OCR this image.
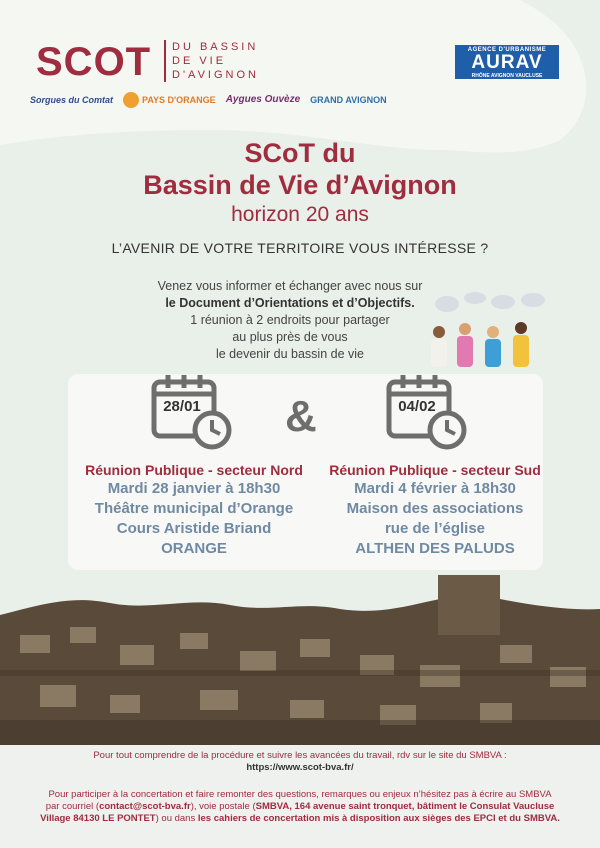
SCOT DU BASSIN
DE VIE
D'AVIGNON
Sorgues du Comtat	PAYS D'ORANGE Aygues Ouvèze GRAND AVIGNON
AGENCE D'URBANISME
AURAV
RHÔNE AVIGNON VAUCLUSE
SCoT du
Bassin de Vie d’Avignon
horizon 20 ans
L’AVENIR DE VOTRE TERRITOIRE VOUS INTÉRESSE ?
Venez vous informer et échanger avec nous sur
le Document d’Orientations et d’Objectifs.
1 réunion à 2 endroits pour partager
au plus près de vous
le devenir du bassin de vie
28/01 &	04/02
Réunion Publique - secteur Nord
Mardi 28 janvier à 18h30
Théâtre municipal d’Orange
Cours Aristide Briand
ORANGE
Réunion Publique - secteur Sud
Mardi 4 février à 18h30
Maison des associations
rue de l’église
ALTHEN DES PALUDS
Pour tout comprendre de la procédure et suivre les avancées du travail, rdv sur le site du SMBVA :
https://www.scot-bva.fr/
Pour participer à la concertation et faire remonter des questions, remarques ou enjeux n’hésitez pas à écrire au SMBVA
par courriel (contact@scot-bva.fr), voie postale (SMBVA, 164 avenue saint tronquet, bâtiment le Consulat Vaucluse
Village 84130 LE PONTET) ou dans les cahiers de concertation mis à disposition aux sièges des EPCI et du SMBVA.
